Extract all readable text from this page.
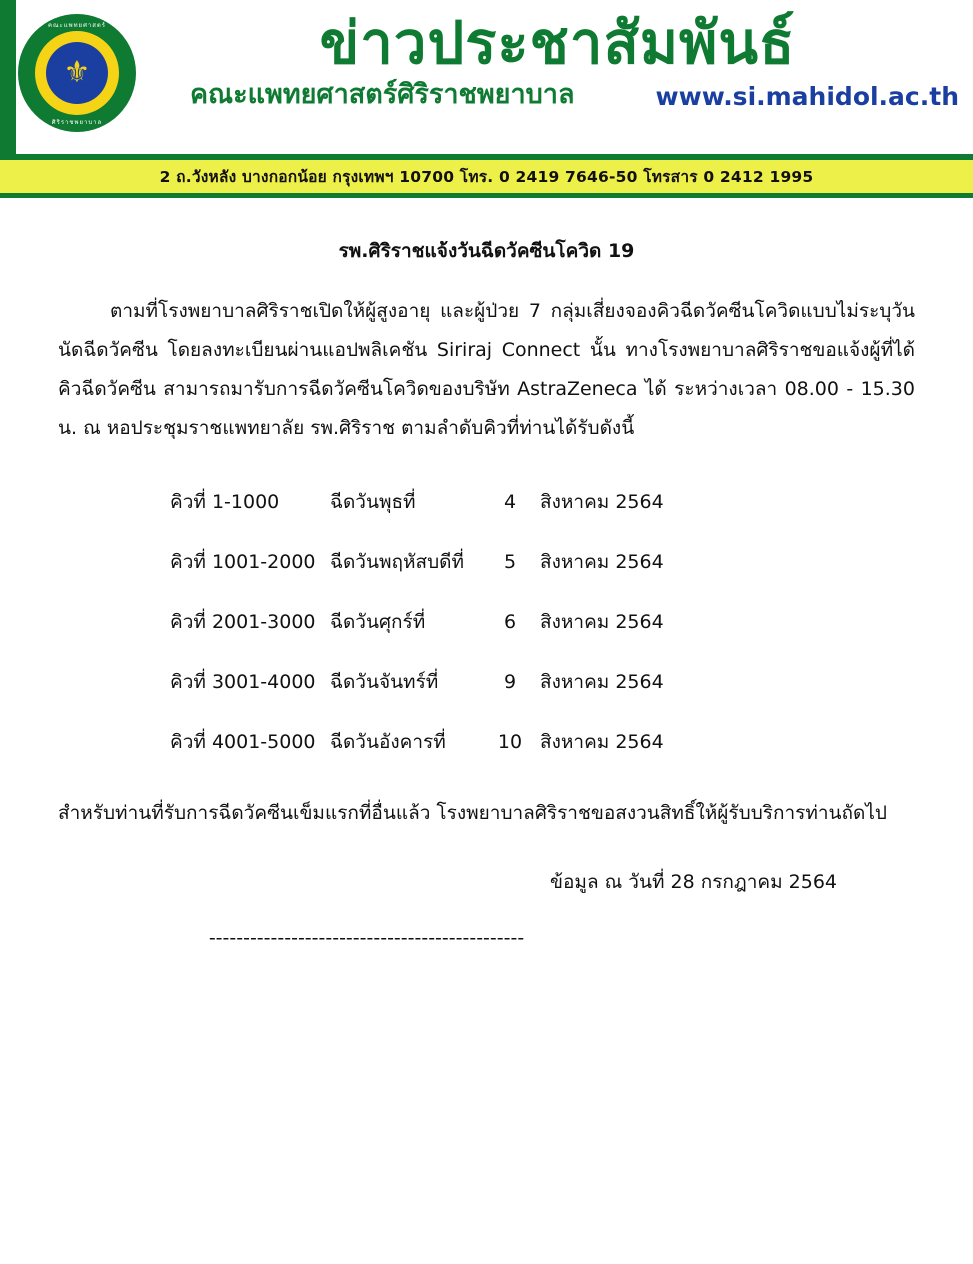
⚜
คณะแพทยศาสตร์
ศิริราชพยาบาล
ข่าวประชาสัมพันธ์
คณะแพทยศาสตร์ศิริราชพยาบาล	www.si.mahidol.ac.th
2 ถ.วังหลัง บางกอกน้อย กรุงเทพฯ 10700 โทร. 0 2419 7646-50 โทรสาร 0 2412 1995
รพ.ศิริราชแจ้งวันฉีดวัคซีนโควิด 19
ตามที่โรงพยาบาลศิริราชเปิดให้ผู้สูงอายุ และผู้ป่วย 7 กลุ่มเสี่ยงจองคิวฉีดวัคซีนโควิดแบบไม่ระบุวันนัดฉีดวัคซีน โดยลงทะเบียนผ่านแอปพลิเคชัน Siriraj Connect นั้น ทางโรงพยาบาลศิริราชขอแจ้งผู้ที่ได้คิวฉีดวัคซีน สามารถมารับการฉีดวัคซีนโควิดของบริษัท AstraZeneca ได้ ระหว่างเวลา 08.00 - 15.30 น. ณ หอประชุมราชแพทยาลัย รพ.ศิริราช ตามลำดับคิวที่ท่านได้รับดังนี้
คิวที่ 1-1000	ฉีดวันพุธที่	4	สิงหาคม 2564
คิวที่ 1001-2000	ฉีดวันพฤหัสบดีที่	5	สิงหาคม 2564
คิวที่ 2001-3000	ฉีดวันศุกร์ที่	6	สิงหาคม 2564
คิวที่ 3001-4000	ฉีดวันจันทร์ที่	9	สิงหาคม 2564
คิวที่ 4001-5000	ฉีดวันอังคารที่	10	สิงหาคม 2564
สำหรับท่านที่รับการฉีดวัคซีนเข็มแรกที่อื่นแล้ว โรงพยาบาลศิริราชขอสงวนสิทธิ์ให้ผู้รับบริการท่านถัดไป
ข้อมูล ณ วันที่ 28 กรกฎาคม 2564
----------------------------------------------
